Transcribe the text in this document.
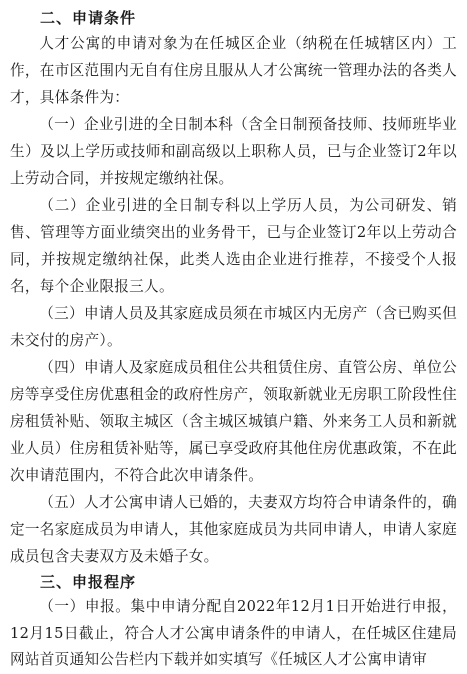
二、申请条件

人才公寓的申请对象为在任城区企业（纳税在任城辖区内）工作，在市区范围内无自有住房且服从人才公寓统一管理办法的各类人才，具体条件为：

（一）企业引进的全日制本科（含全日制预备技师、技师班毕业生）及以上学历或技师和副高级以上职称人员，已与企业签订2年以上劳动合同，并按规定缴纳社保。

（二）企业引进的全日制专科以上学历人员，为公司研发、销售、管理等方面业绩突出的业务骨干，已与企业签订2年以上劳动合同，并按规定缴纳社保，此类人选由企业进行推荐，不接受个人报名，每个企业限报三人。

（三）申请人员及其家庭成员须在市城区内无房产（含已购买但未交付的房产）。

（四）申请人及家庭成员租住公共租赁住房、直管公房、单位公房等享受住房优惠租金的政府性房产，领取新就业无房职工阶段性住房租赁补贴、领取主城区（含主城区城镇户籍、外来务工人员和新就业人员）住房租赁补贴等，属已享受政府其他住房优惠政策，不在此次申请范围内，不符合此次申请条件。

（五）人才公寓申请人已婚的，夫妻双方均符合申请条件的，确定一名家庭成员为申请人，其他家庭成员为共同申请人，申请人家庭成员包含夫妻双方及未婚子女。

三、申报程序

（一）申报。集中申请分配自2022年12月1日开始进行申报，12月15日截止，符合人才公寓申请条件的申请人，在任城区住建局网站首页通知公告栏内下载并如实填写《任城区人才公寓申请审
